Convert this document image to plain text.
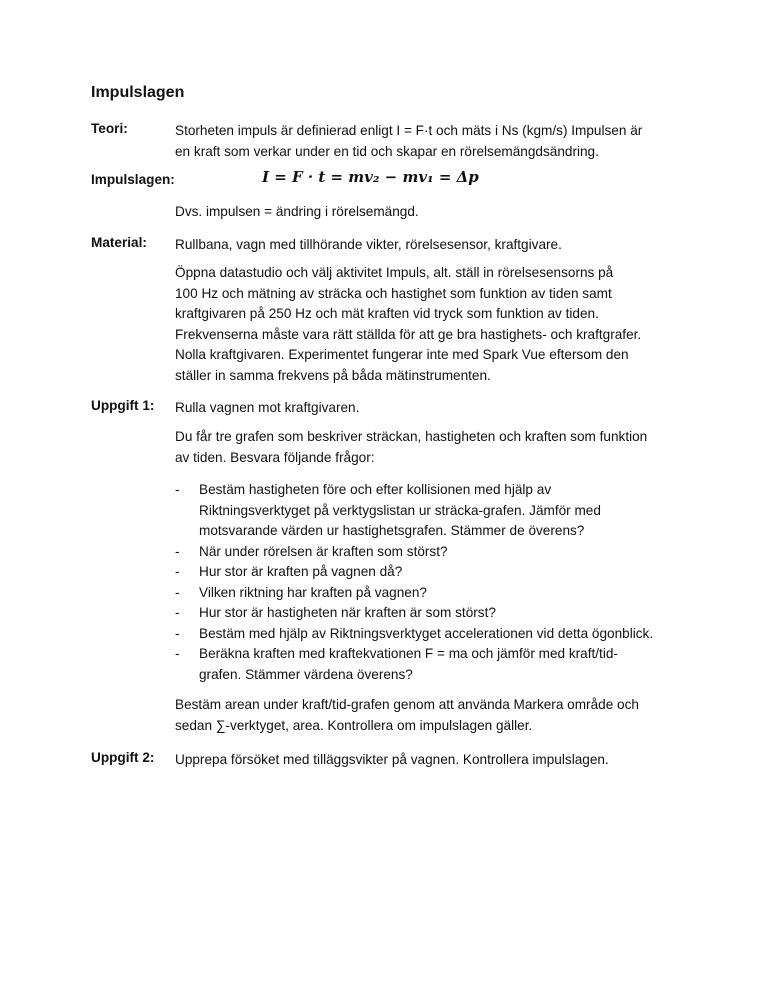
Impulslagen
Teori:	Storheten impuls är definierad enligt I = F·t och mäts i Ns (kgm/s) Impulsen är

en kraft som verkar under en tid och skapar en rörelsemängdsändring.

Impulslagen:	I = F · t = mv₂ − mv₁ = Δp
Dvs. impulsen = ändring i rörelsemängd.
Material: Rullbana, vagn med tillhörande vikter, rörelsesensor, kraftgivare.

Öppna datastudio och välj aktivitet Impuls, alt. ställ in rörelsesensorns på

100 Hz och mätning av sträcka och hastighet som funktion av tiden samt

kraftgivaren på 250 Hz och mät kraften vid tryck som funktion av tiden.

Frekvenserna måste vara rätt ställda för att ge bra hastighets- och kraftgrafer.

Nolla kraftgivaren. Experimentet fungerar inte med Spark Vue eftersom den

ställer in samma frekvens på båda mätinstrumenten.

Uppgift 1: Rulla vagnen mot kraftgivaren.

Du får tre grafen som beskriver sträckan, hastigheten och kraften som funktion

av tiden. Besvara följande frågor:

- Bestäm hastigheten före och efter kollisionen med hjälp av
Riktningsverktyget på verktygslistan ur sträcka-grafen. Jämför med
motsvarande värden ur hastighetsgrafen. Stämmer de överens?
- När under rörelsen är kraften som störst?
- Hur stor är kraften på vagnen då?
- Vilken riktning har kraften på vagnen?
- Hur stor är hastigheten när kraften är som störst?
- Bestäm med hjälp av Riktningsverktyget accelerationen vid detta ögonblick.
- Beräkna kraften med kraftekvationen F = ma och jämför med kraft/tid-
grafen. Stämmer värdena överens?

Bestäm arean under kraft/tid-grafen genom att använda Markera område och

sedan ∑-verktyget, area. Kontrollera om impulslagen gäller.

Uppgift 2: Upprepa försöket med tilläggsvikter på vagnen. Kontrollera impulslagen.
